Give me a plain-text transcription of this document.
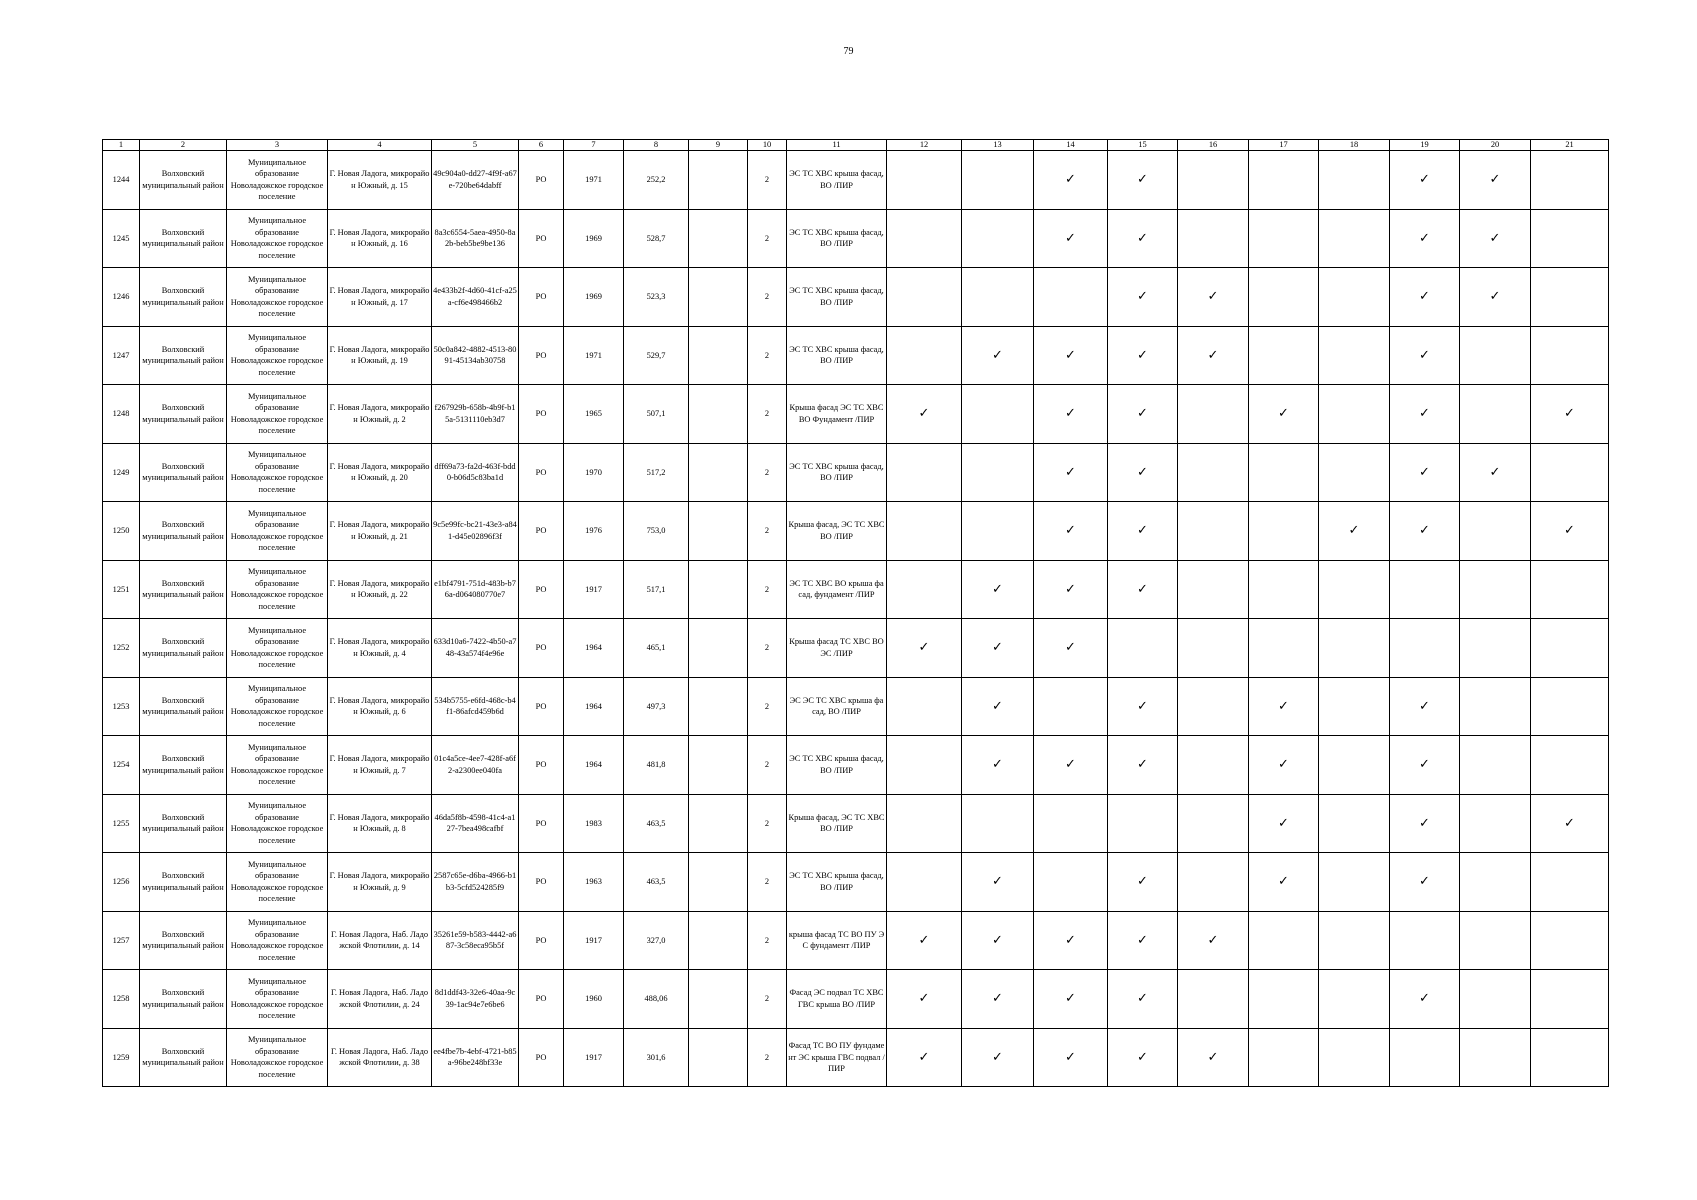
79
1	2	3	4	5	6	7	8	9	10	11	12	13	14	15	16	17	18	19	20	21
1244	Волховский муниципальный район	Муниципальное образование Новоладожское городское поселение	Г. Новая Ладога, микрорайон Южный, д. 15	49c904a0-dd27-4f9f-a67e-720be64dabff	РО	1971	252,2		2	ЭС ТС ХВС крыша фасад, ВО /ПИР			✓	✓				✓	✓	
1245	Волховский муниципальный район	Муниципальное образование Новоладожское городское поселение	Г. Новая Ладога, микрорайон Южный, д. 16	8a3c6554-5aea-4950-8a2b-beb5be9be136	РО	1969	528,7		2	ЭС ТС ХВС крыша фасад, ВО /ПИР			✓	✓				✓	✓	
1246	Волховский муниципальный район	Муниципальное образование Новоладожское городское поселение	Г. Новая Ладога, микрорайон Южный, д. 17	4e433b2f-4d60-41cf-a25a-cf6e498466b2	РО	1969	523,3		2	ЭС ТС ХВС крыша фасад, ВО /ПИР				✓	✓			✓	✓	
1247	Волховский муниципальный район	Муниципальное образование Новоладожское городское поселение	Г. Новая Ладога, микрорайон Южный, д. 19	50c0a842-4882-4513-8091-45134ab30758	РО	1971	529,7		2	ЭС ТС ХВС крыша фасад, ВО /ПИР		✓	✓	✓	✓			✓		
1248	Волховский муниципальный район	Муниципальное образование Новоладожское городское поселение	Г. Новая Ладога, микрорайон Южный, д. 2	f267929b-658b-4b9f-b15a-5131110eb3d7	РО	1965	507,1		2	Крыша фасад ЭС ТС ХВС ВО Фундамент /ПИР	✓		✓	✓		✓		✓		✓
1249	Волховский муниципальный район	Муниципальное образование Новоладожское городское поселение	Г. Новая Ладога, микрорайон Южный, д. 20	dff69a73-fa2d-463f-bdd0-b06d5c83ba1d	РО	1970	517,2		2	ЭС ТС ХВС крыша фасад, ВО /ПИР			✓	✓				✓	✓	
1250	Волховский муниципальный район	Муниципальное образование Новоладожское городское поселение	Г. Новая Ладога, микрорайон Южный, д. 21	9c5e99fc-bc21-43e3-a841-d45e02896f3f	РО	1976	753,0		2	Крыша фасад, ЭС ТС ХВС ВО /ПИР			✓	✓			✓	✓		✓
1251	Волховский муниципальный район	Муниципальное образование Новоладожское городское поселение	Г. Новая Ладога, микрорайон Южный, д. 22	e1bf4791-751d-483b-b76a-d064080770e7	РО	1917	517,1		2	ЭС ТС ХВС ВО крыша фасад, фундамент /ПИР		✓	✓	✓						
1252	Волховский муниципальный район	Муниципальное образование Новоладожское городское поселение	Г. Новая Ладога, микрорайон Южный, д. 4	633d10a6-7422-4b50-a748-43a574f4e96e	РО	1964	465,1		2	Крыша фасад ТС ХВС ВО ЭС /ПИР	✓	✓	✓							
1253	Волховский муниципальный район	Муниципальное образование Новоладожское городское поселение	Г. Новая Ладога, микрорайон Южный, д. 6	534b5755-e6fd-468c-b4f1-86afcd459b6d	РО	1964	497,3		2	ЭС ЭС ТС ХВС крыша фасад, ВО /ПИР		✓		✓		✓		✓		
1254	Волховский муниципальный район	Муниципальное образование Новоладожское городское поселение	Г. Новая Ладога, микрорайон Южный, д. 7	01c4a5ce-4ee7-428f-a6f2-a2300ee040fa	РО	1964	481,8		2	ЭС ТС ХВС крыша фасад, ВО /ПИР		✓	✓	✓		✓		✓		
1255	Волховский муниципальный район	Муниципальное образование Новоладожское городское поселение	Г. Новая Ладога, микрорайон Южный, д. 8	46da5f8b-4598-41c4-a127-7bea498cafbf	РО	1983	463,5		2	Крыша фасад, ЭС ТС ХВС ВО /ПИР						✓		✓		✓
1256	Волховский муниципальный район	Муниципальное образование Новоладожское городское поселение	Г. Новая Ладога, микрорайон Южный, д. 9	2587c65e-d6ba-4966-b1b3-5cfd524285f9	РО	1963	463,5		2	ЭС ТС ХВС крыша фасад, ВО /ПИР		✓		✓		✓		✓		
1257	Волховский муниципальный район	Муниципальное образование Новоладожское городское поселение	Г. Новая Ладога, Наб. Ладожской Флотилии, д. 14	35261e59-b583-4442-a687-3c58eca95b5f	РО	1917	327,0		2	крыша фасад ТС ВО ПУ ЭС фундамент /ПИР	✓	✓	✓	✓	✓					
1258	Волховский муниципальный район	Муниципальное образование Новоладожское городское поселение	Г. Новая Ладога, Наб. Ладожской Флотилии, д. 24	8d1ddf43-32e6-40aa-9c39-1ac94e7e6be6	РО	1960	488,06		2	Фасад ЭС подвал ТС ХВС ГВС крыша ВО /ПИР	✓	✓	✓	✓				✓		
1259	Волховский муниципальный район	Муниципальное образование Новоладожское городское поселение	Г. Новая Ладога, Наб. Ладожской Флотилии, д. 38	ee4fbe7b-4ebf-4721-b85a-96be248bf33e	РО	1917	301,6		2	Фасад ТС ВО ПУ фундамент ЭС крыша ГВС подвал /ПИР	✓	✓	✓	✓	✓					
